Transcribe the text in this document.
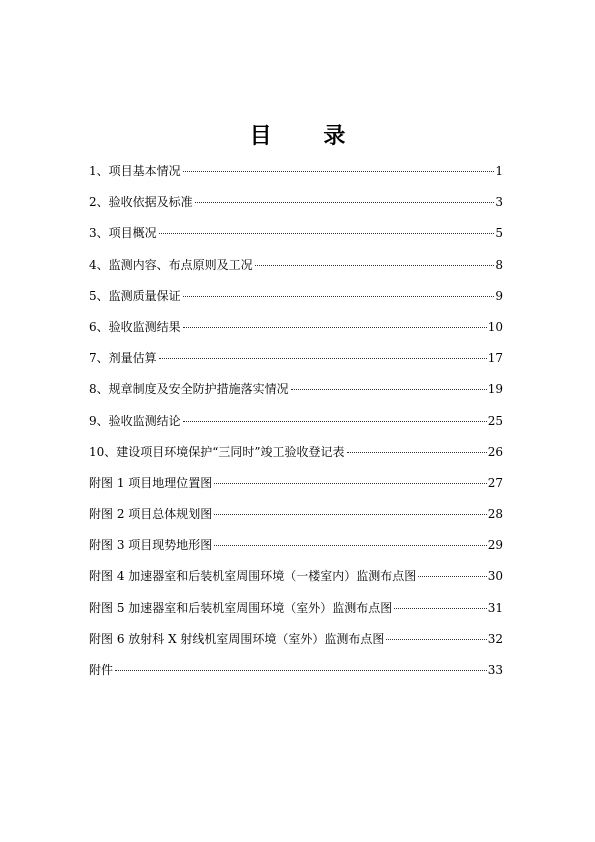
目 录
1、项目基本情况	1
2、验收依据及标准	3
3、项目概况	5
4、监测内容、布点原则及工况	8
5、监测质量保证	9
6、验收监测结果	10
7、剂量估算	17
8、规章制度及安全防护措施落实情况	19
9、验收监测结论	25
10、建设项目环境保护“三同时”竣工验收登记表	26
附图 1 项目地理位置图	27
附图 2 项目总体规划图	28
附图 3 项目现势地形图	29
附图 4 加速器室和后装机室周围环境（一楼室内）监测布点图	30
附图 5 加速器室和后装机室周围环境（室外）监测布点图	31
附图 6 放射科 X 射线机室周围环境（室外）监测布点图	32
附件	33
